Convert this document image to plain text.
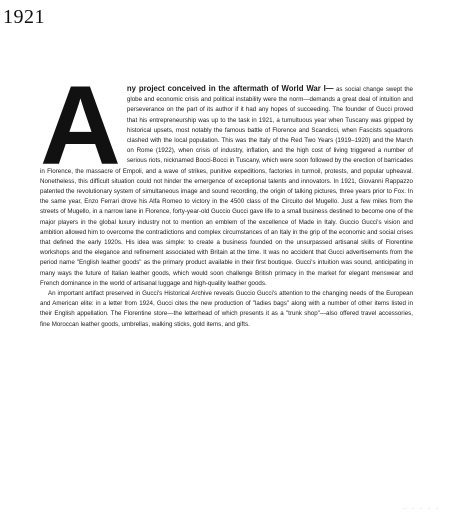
1921

Any project conceived in the aftermath of World War I— as social change swept the globe and economic crisis and political instability were the norm—demands a great deal of intuition and perseverance on the part of its author if it had any hopes of succeeding. The founder of Gucci proved that his entrepreneurship was up to the task in 1921, a tumultuous year when Tuscany was gripped by historical upsets, most notably the famous battle of Florence and Scandicci, when Fascists squadrons clashed with the local population. This was the Italy of the Red Two Years (1919–1920) and the March on Rome (1922), when crisis of industry, inflation, and the high cost of living triggered a number of serious riots, nicknamed Bocci-Bocci in Tuscany, which were soon followed by the erection of barricades in Florence, the massacre of Empoli, and a wave of strikes, punitive expeditions, factories in turmoil, protests, and popular upheaval. Nonetheless, this difficult situation could not hinder the emergence of exceptional talents and innovators. In 1921, Giovanni Rappazzo patented the revolutionary system of simultaneous image and sound recording, the origin of talking pictures, three years prior to Fox. In the same year, Enzo Ferrari drove his Alfa Romeo to victory in the 4500 class of the Circuito del Mugello. Just a few miles from the streets of Mugello, in a narrow lane in Florence, forty-year-old Guccio Gucci gave life to a small business destined to become one of the major players in the global luxury industry not to mention an emblem of the excellence of Made in Italy. Guccio Gucci's vision and ambition allowed him to overcome the contradictions and complex circumstances of an Italy in the grip of the economic and social crises that defined the early 1920s. His idea was simple: to create a business founded on the unsurpassed artisanal skills of Florentine workshops and the elegance and refinement associated with Britain at the time. It was no accident that Gucci advertisements from the period name "English leather goods" as the primary product available in their first boutique. Gucci's intuition was sound, anticipating in many ways the future of Italian leather goods, which would soon challenge British primacy in the market for elegant menswear and French dominance in the world of artisanal luggage and high-quality leather goods.

An important artifact preserved in Gucci's Historical Archive reveals Guccio Gucci's attention to the changing needs of the European and American elite: in a letter from 1924, Gucci cites the new production of "ladies bags" along with a number of other items listed in their English appellation. The Florentine store—the letterhead of which presents it as a "trunk shop"—also offered travel accessories, fine Moroccan leather goods, umbrellas, walking sticks, gold items, and gifts.

— · — · — · — · —
